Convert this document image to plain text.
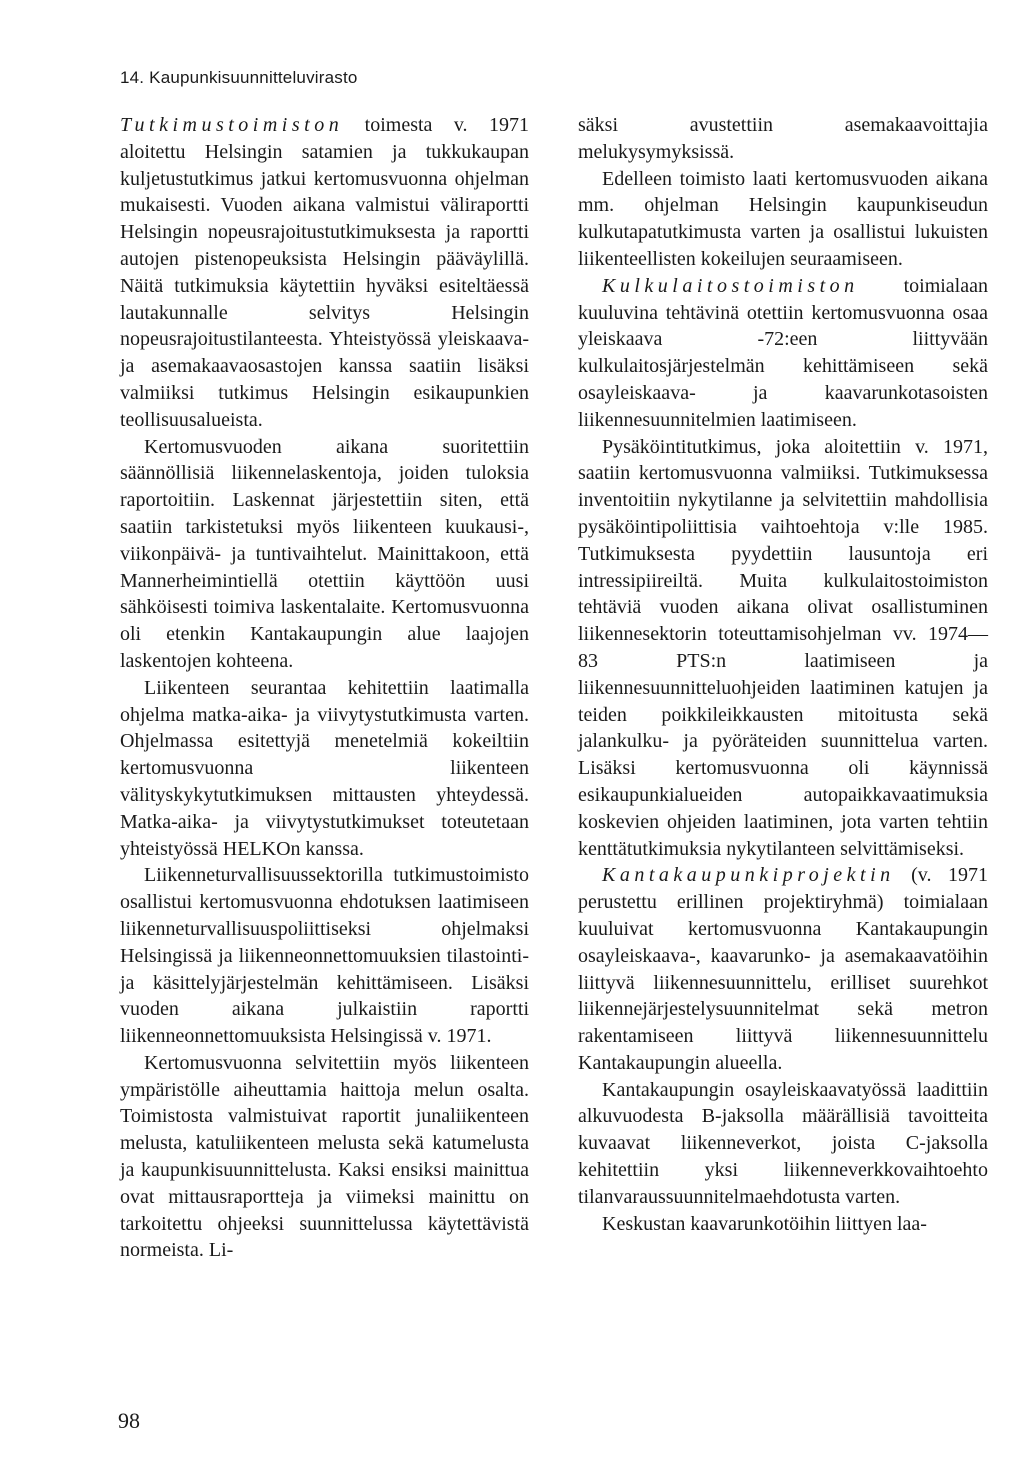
14. Kaupunkisuunnitteluvirasto

Tutkimustoimiston toimesta v. 1971 aloitettu Helsingin satamien ja tukkukaupan kuljetustutkimus jatkui kertomusvuonna ohjelman mukaisesti. Vuoden aikana valmistui väliraportti Helsingin nopeusrajoitustutkimuksesta ja raportti autojen pistenopeuksista Helsingin pääväylillä. Näitä tutkimuksia käytettiin hyväksi esiteltäessä lautakunnalle selvitys Helsingin nopeusrajoitustilanteesta. Yhteistyössä yleiskaava- ja asemakaavaosastojen kanssa saatiin lisäksi valmiiksi tutkimus Helsingin esikaupunkien teollisuusalueista.

Kertomusvuoden aikana suoritettiin säännöllisiä liikennelaskentoja, joiden tuloksia raportoitiin. Laskennat järjestettiin siten, että saatiin tarkistetuksi myös liikenteen kuukausi-, viikonpäivä- ja tuntivaihtelut. Mainittakoon, että Mannerheimintiellä otettiin käyttöön uusi sähköisesti toimiva laskentalaite. Kertomusvuonna oli etenkin Kantakaupungin alue laajojen laskentojen kohteena.

Liikenteen seurantaa kehitettiin laatimalla ohjelma matka-aika- ja viivytystutkimusta varten. Ohjelmassa esitettyjä menetelmiä kokeiltiin kertomusvuonna liikenteen välityskykytutkimuksen mittausten yhteydessä. Matka-aika- ja viivytystutkimukset toteutetaan yhteistyössä HELKOn kanssa.

Liikenneturvallisuussektorilla tutkimustoimisto osallistui kertomusvuonna ehdotuksen laatimiseen liikenneturvallisuuspoliittiseksi ohjelmaksi Helsingissä ja liikenneonnettomuuksien tilastointi- ja käsittelyjärjestelmän kehittämiseen. Lisäksi vuoden aikana julkaistiin raportti liikenneonnettomuuksista Helsingissä v. 1971.

Kertomusvuonna selvitettiin myös liikenteen ympäristölle aiheuttamia haittoja melun osalta. Toimistosta valmistuivat raportit junaliikenteen melusta, katuliikenteen melusta sekä katumelusta ja kaupunkisuunnittelusta. Kaksi ensiksi mainittua ovat mittausraportteja ja viimeksi mainittu on tarkoitettu ohjeeksi suunnittelussa käytettävistä normeista. Li-

säksi avustettiin asemakaavoittajia melukysymyksissä.

Edelleen toimisto laati kertomusvuoden aikana mm. ohjelman Helsingin kaupunkiseudun kulkutapatutkimusta varten ja osallistui lukuisten liikenteellisten kokeilujen seuraamiseen.

Kulkulaitostoimiston toimialaan kuuluvina tehtävinä otettiin kertomusvuonna osaa yleiskaava -72:een liittyvään kulkulaitosjärjestelmän kehittämiseen sekä osayleiskaava- ja kaavarunkotasoisten liikennesuunnitelmien laatimiseen.

Pysäköintitutkimus, joka aloitettiin v. 1971, saatiin kertomusvuonna valmiiksi. Tutkimuksessa inventoitiin nykytilanne ja selvitettiin mahdollisia pysäköintipoliittisia vaihtoehtoja v:lle 1985. Tutkimuksesta pyydettiin lausuntoja eri intressipiireiltä. Muita kulkulaitostoimiston tehtäviä vuoden aikana olivat osallistuminen liikennesektorin toteuttamisohjelman vv. 1974—83 PTS:n laatimiseen ja liikennesuunnitteluohjeiden laatiminen katujen ja teiden poikkileikkausten mitoitusta sekä jalankulku- ja pyöräteiden suunnittelua varten. Lisäksi kertomusvuonna oli käynnissä esikaupunkialueiden autopaikkavaatimuksia koskevien ohjeiden laatiminen, jota varten tehtiin kenttätutkimuksia nykytilanteen selvittämiseksi.

Kantakaupunkiprojektin (v. 1971 perustettu erillinen projektiryhmä) toimialaan kuuluivat kertomusvuonna Kantakaupungin osayleiskaava-, kaavarunko- ja asemakaavatöihin liittyvä liikennesuunnittelu, erilliset suurehkot liikennejärjestelysuunnitelmat sekä metron rakentamiseen liittyvä liikennesuunnittelu Kantakaupungin alueella.

Kantakaupungin osayleiskaavatyössä laadittiin alkuvuodesta B-jaksolla määrällisiä tavoitteita kuvaavat liikenneverkot, joista C-jaksolla kehitettiin yksi liikenneverkkovaihtoehto tilanvaraussuunnitelmaehdotusta varten.

Keskustan kaavarunkotöihin liittyen laa-

98
